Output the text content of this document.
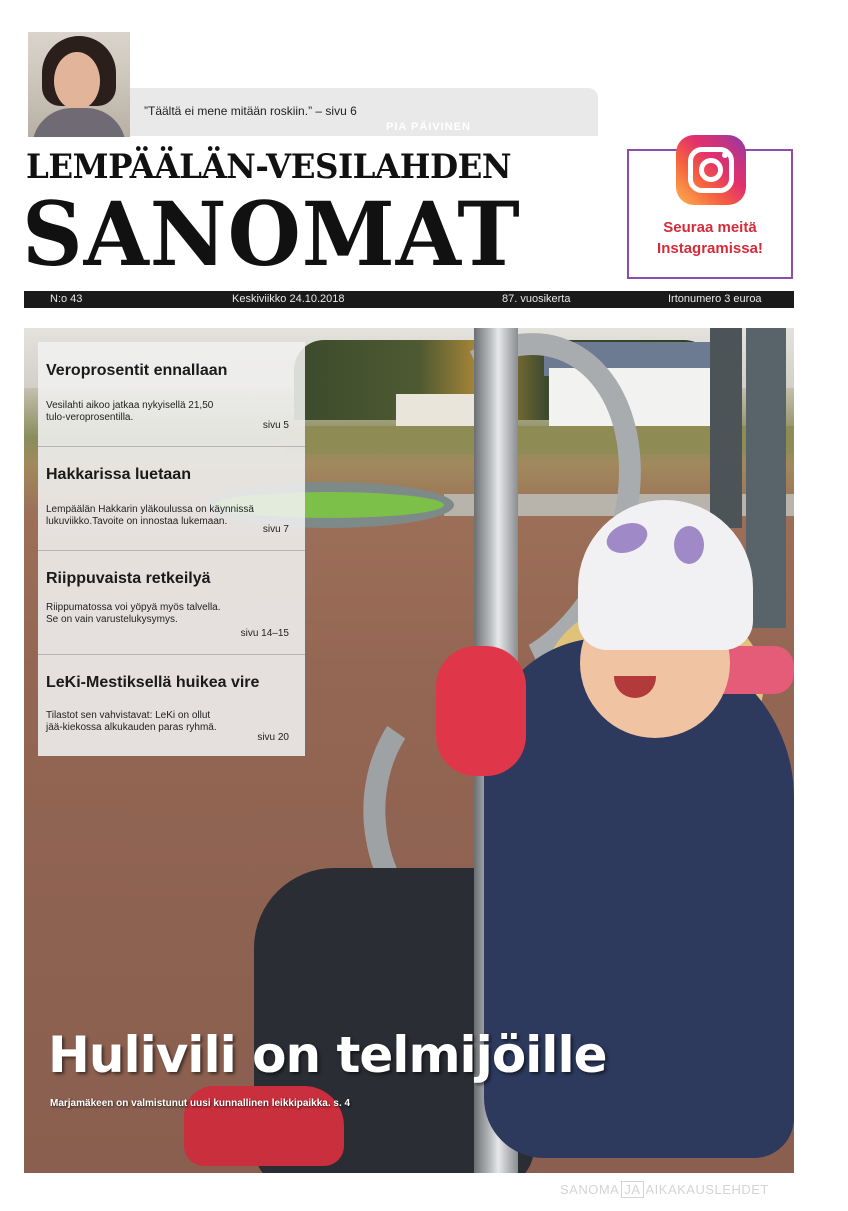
”Täältä ei mene mitään roskiin.” – sivu 6
PIA PÄIVINEN
LEMPÄÄLÄN-VESILAHDEN
SANOMAT	Seuraa meitä
Instagramissa!
N:o 43	Keskiviikko 24.10.2018	87. vuosikerta	Irtonumero 3 euroa
Veroprosentit ennallaan
Vesilahti aikoo jatkaa nykyisellä 21,50
tulo-veroprosentilla.
sivu 5
Hakkarissa luetaan
Lempäälän Hakkarin yläkoulussa on käynnissä
lukuviikko.Tavoite on innostaa lukemaan.
sivu 7
Riippuvaista retkeilyä
Riippumatossa voi yöpyä myös talvella.
Se on vain varustelukysymys.
sivu 14–15
LeKi-Mestiksellä huikea vire
Tilastot sen vahvistavat: LeKi on ollut
jää-kiekossa alkukauden paras ryhmä.
sivu 20
Hulivili on telmijöille
Marjamäkeen on valmistunut uusi kunnallinen leikkipaikka. s. 4
SANOMA JA AIKAKAUSLEHDET
